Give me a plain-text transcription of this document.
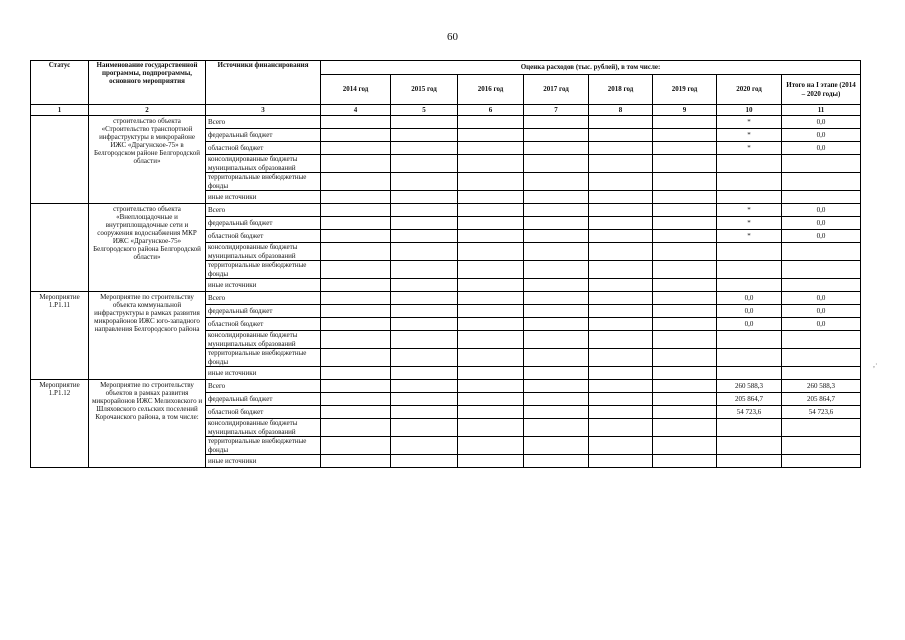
60
Статус	Наименование государственной программы, подпрограммы, основного мероприятия	Источники финансирования	Оценка расходов (тыс. рублей), в том числе:							
			2014 год	2015 год	2016 год	2017 год	2018 год	2019 год	2020 год	Итого на I этапе (2014 – 2020 годы)
1	2	3	4	5	6	7	8	9	10	11
	строительство объекта «Строительство транспортной инфраструктуры в микрорайоне ИЖС «Драгунское-75» в Белгородском районе Белгородской области»	Всего							*	0,0
		федеральный бюджет							*	0,0
		областной бюджет							*	0,0
		консолидированные бюджеты муниципальных образований								
		территориальные внебюджетные фонды								
		иные источники								
	строительство объекта «Внеплощадочные и внутриплощадочные сети и сооружения водоснабжения МКР ИЖС «Драгунское-75» Белгородского района Белгородской области»	Всего							*	0,0
		федеральный бюджет							*	0,0
		областной бюджет							*	0,0
		консолидированные бюджеты муниципальных образований								
		территориальные внебюджетные фонды								
		иные источники								
Мероприятие 1.Р1.11	Мероприятие по строительству объекта коммунальной инфраструктуры в рамках развития микрорайонов ИЖС юго-западного направления Белгородского района	Всего							0,0	0,0
		федеральный бюджет							0,0	0,0
		областной бюджет							0,0	0,0
		консолидированные бюджеты муниципальных образований								
		территориальные внебюджетные фонды								
		иные источники								
Мероприятие 1.Р1.12	Мероприятие по строительству объектов в рамках развития микрорайонов ИЖС Мелиховского и Шляховского сельских поселений Корочанского района, в том числе:	Всего							260 588,3	260 588,3
		федеральный бюджет							205 864,7	205 864,7
		областной бюджет							54 723,6	54 723,6
		консолидированные бюджеты муниципальных образований								
		территориальные внебюджетные фонды								
		иные источники								
,·
